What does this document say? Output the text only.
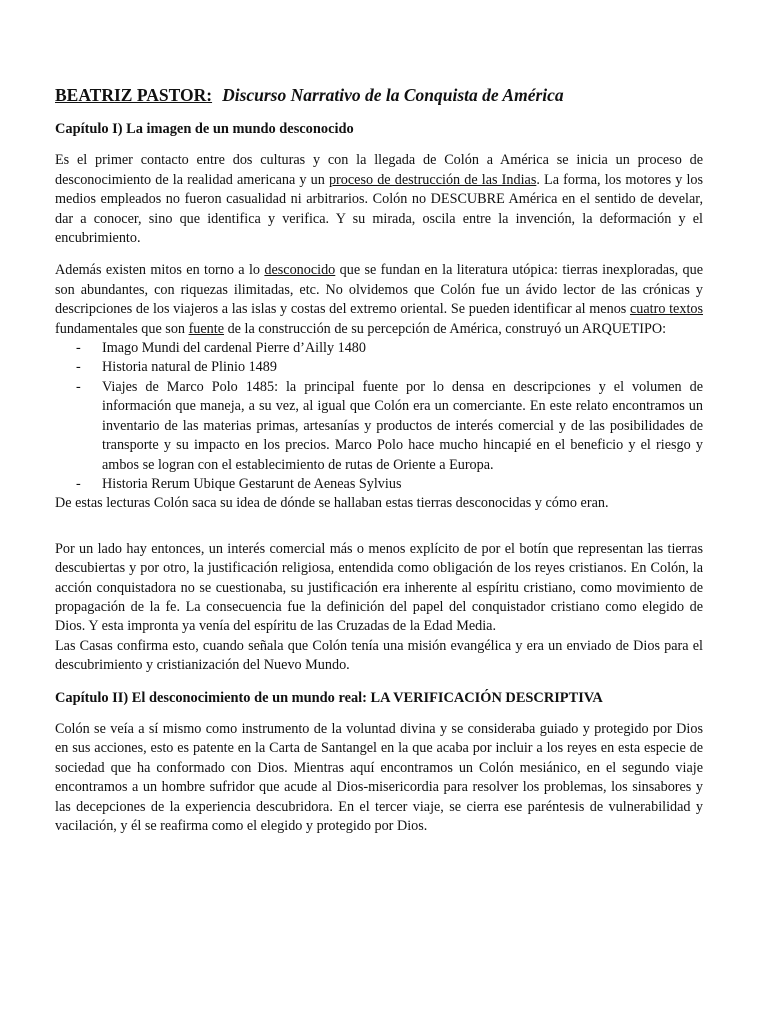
BEATRIZ PASTOR: Discurso Narrativo de la Conquista de América
Capítulo I) La imagen de un mundo desconocido

Es el primer contacto entre dos culturas y con la llegada de Colón a América se inicia un proceso de desconocimiento de la realidad americana y un proceso de destrucción de las Indias. La forma, los motores y los medios empleados no fueron casualidad ni arbitrarios. Colón no DESCUBRE América en el sentido de develar, dar a conocer, sino que identifica y verifica. Y su mirada, oscila entre la invención, la deformación y el encubrimiento.

Además existen mitos en torno a lo desconocido que se fundan en la literatura utópica: tierras inexploradas, que son abundantes, con riquezas ilimitadas, etc. No olvidemos que Colón fue un ávido lector de las crónicas y descripciones de los viajeros a las islas y costas del extremo oriental. Se pueden identificar al menos cuatro textos fundamentales que son fuente de la construcción de su percepción de América, construyó un ARQUETIPO:

- Imago Mundi del cardenal Pierre d’Ailly 1480
- Historia natural de Plinio 1489
- Viajes de Marco Polo 1485: la principal fuente por lo densa en descripciones y el volumen de información que maneja, a su vez, al igual que Colón era un comerciante. En este relato encontramos un inventario de las materias primas, artesanías y productos de interés comercial y de las posibilidades de transporte y su impacto en los precios. Marco Polo hace mucho hincapié en el beneficio y el riesgo y ambos se logran con el establecimiento de rutas de Oriente a Europa.
- Historia Rerum Ubique Gestarunt de Aeneas Sylvius

De estas lecturas Colón saca su idea de dónde se hallaban estas tierras desconocidas y cómo eran.

Por un lado hay entonces, un interés comercial más o menos explícito de por el botín que representan las tierras descubiertas y por otro, la justificación religiosa, entendida como obligación de los reyes cristianos. En Colón, la acción conquistadora no se cuestionaba, su justificación era inherente al espíritu cristiano, como movimiento de propagación de la fe. La consecuencia fue la definición del papel del conquistador cristiano como elegido de Dios. Y esta impronta ya venía del espíritu de las Cruzadas de la Edad Media.

Las Casas confirma esto, cuando señala que Colón tenía una misión evangélica y era un enviado de Dios para el descubrimiento y cristianización del Nuevo Mundo.

Capítulo II) El desconocimiento de un mundo real: LA VERIFICACIÓN DESCRIPTIVA

Colón se veía a sí mismo como instrumento de la voluntad divina y se consideraba guiado y protegido por Dios en sus acciones, esto es patente en la Carta de Santangel en la que acaba por incluir a los reyes en esta especie de sociedad que ha conformado con Dios. Mientras aquí encontramos un Colón mesiánico, en el segundo viaje encontramos a un hombre sufridor que acude al Dios-misericordia para resolver los problemas, los sinsabores y las decepciones de la experiencia descubridora. En el tercer viaje, se cierra ese paréntesis de vulnerabilidad y vacilación, y él se reafirma como el elegido y protegido por Dios.
